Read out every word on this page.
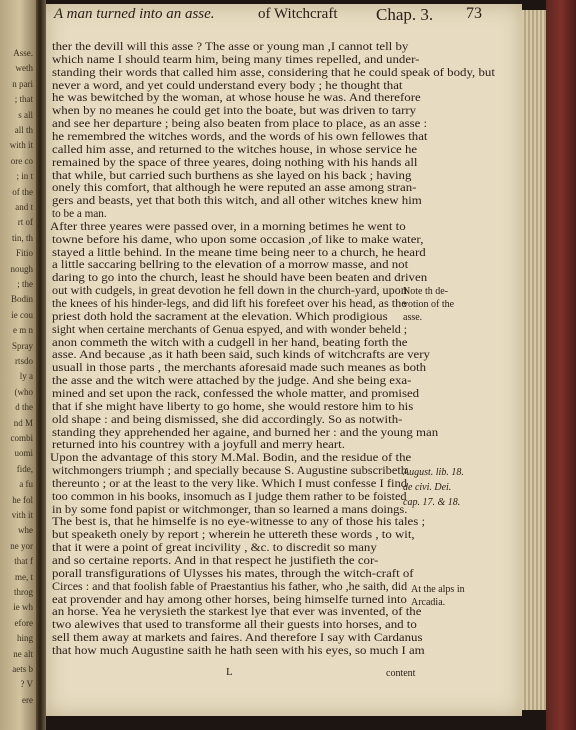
Asse.
weth
n pari
; that
s all
all th
with it
ore co
; in t
of the
and t
rt of
tin, th
Fitio
nough
; the
Bodin
ie cou
e m n
Spray
rtsdo
ly a
(who
d the
nd M
combi
uomi
fide,
a fu
he fol
vith it
whe
ne yor
that f
me, t
throg
ie wh
efore
hing
ne alt
aets b
? V
ere
A man turned into an asse.	of Witchcraft Chap. 3. 73
ther the devill will this asse ? The asse or young man ,I cannot tell by
which name I should tearm him, being many times repelled, and under-
standing their words that called him asse, considering that he could speak of body, but
never a word, and yet could understand every body ; he thought that
he was bewitched by the woman, at whose house he was. And therefore
when by no meanes he could get into the boate, but was driven to tarry
and see her departure ; being also beaten from place to place, as an asse :
he remembred the witches words, and the words of his own fellowes that
called him asse, and returned to the witches house, in whose service he
remained by the space of three yeares, doing nothing with his hands all
that while, but carried such burthens as she layed on his back ; having
onely this comfort, that although he were reputed an asse among stran-
gers and beasts, yet that both this witch, and all other witches knew him
to be a man.
After three yeares were passed over, in a morning betimes he went to
towne before his dame, who upon some occasion ,of like to make water,
stayed a little behind. In the meane time being neer to a church, he heard
a little saccaring bellring to the elevation of a morrow masse, and not
daring to go into the church, least he should have been beaten and driven
out with cudgels, in great devotion he fell down in the church-yard, upon
the knees of his hinder-legs, and did lift his forefeet over his head, as the
priest doth hold the sacrament at the elevation. Which prodigious
sight when certaine merchants of Genua espyed, and with wonder beheld ;
anon commeth the witch with a cudgell in her hand, beating forth the
asse. And because ,as it hath been said, such kinds of witchcrafts are very
usuall in those parts , the merchants aforesaid made such meanes as both
the asse and the witch were attached by the judge. And she being exa-
mined and set upon the rack, confessed the whole matter, and promised
that if she might have liberty to go home, she would restore him to his
old shape : and being dismissed, she did accordingly. So as notwith-
standing they apprehended her againe, and burned her : and the young man
returned into his countrey with a joyfull and merry heart.
Upon the advantage of this story M.Mal. Bodin, and the residue of the
witchmongers triumph ; and specially because S. Augustine subscribeth
thereunto ; or at the least to the very like. Which I must confesse I find
too common in his books, insomuch as I judge them rather to be foisted
in by some fond papist or witchmonger, than so learned a mans doings.
The best is, that he himselfe is no eye-witnesse to any of those his tales ;
but speaketh onely by report ; wherein he uttereth these words , to wit,
that it were a point of great incivility , &c. to discredit so many
and so certaine reports. And in that respect he justifieth the cor-
porall transfigurations of Ulysses his mates, through the witch-craft of
Circes : and that foolish fable of Praestantius his father, who ,he saith, did
eat provender and hay among other horses, being himselfe turned into
an horse. Yea he verysieth the starkest lye that ever was invented, of the
two alewives that used to transforme all their guests into horses, and to
sell them away at markets and faires. And therefore I say with Cardanus
that how much Augustine saith he hath seen with his eyes, so much I am
Note th de-
votion of the
asse.
August. lib. 18.
de civi. Dei.
cap. 17. & 18.
At the alps in
Arcadia.
L	content
